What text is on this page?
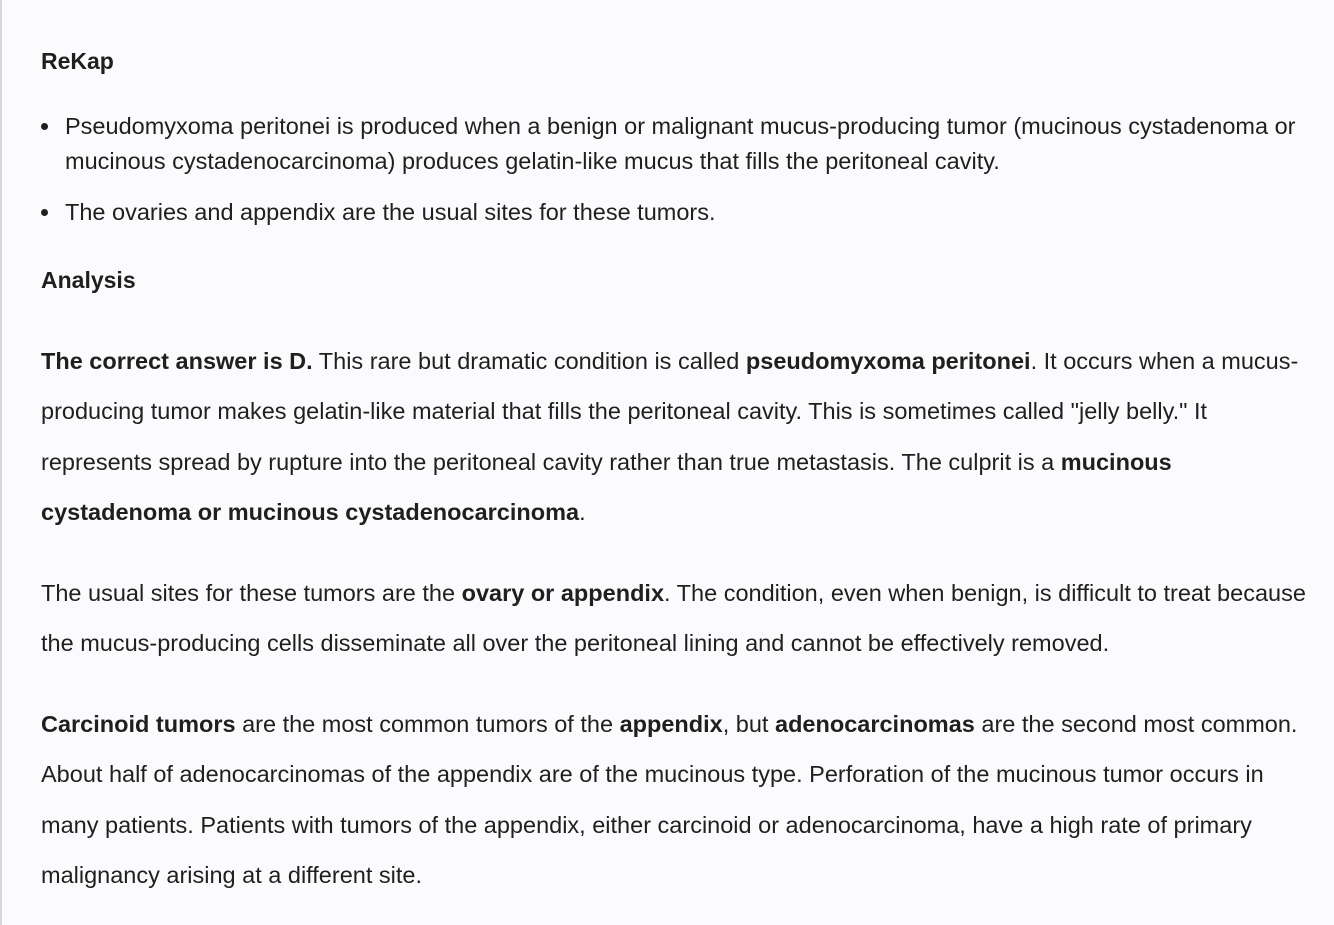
ReKap
Pseudomyxoma peritonei is produced when a benign or malignant mucus-producing tumor (mucinous cystadenoma or mucinous cystadenocarcinoma) produces gelatin-like mucus that fills the peritoneal cavity.
The ovaries and appendix are the usual sites for these tumors.
Analysis

The correct answer is D. This rare but dramatic condition is called pseudomyxoma peritonei. It occurs when a mucus-producing tumor makes gelatin-like material that fills the peritoneal cavity. This is sometimes called "jelly belly." It represents spread by rupture into the peritoneal cavity rather than true metastasis. The culprit is a mucinous cystadenoma or mucinous cystadenocarcinoma.

The usual sites for these tumors are the ovary or appendix. The condition, even when benign, is difficult to treat because the mucus-producing cells disseminate all over the peritoneal lining and cannot be effectively removed.

Carcinoid tumors are the most common tumors of the appendix, but adenocarcinomas are the second most common. About half of adenocarcinomas of the appendix are of the mucinous type. Perforation of the mucinous tumor occurs in many patients. Patients with tumors of the appendix, either carcinoid or adenocarcinoma, have a high rate of primary malignancy arising at a different site.
